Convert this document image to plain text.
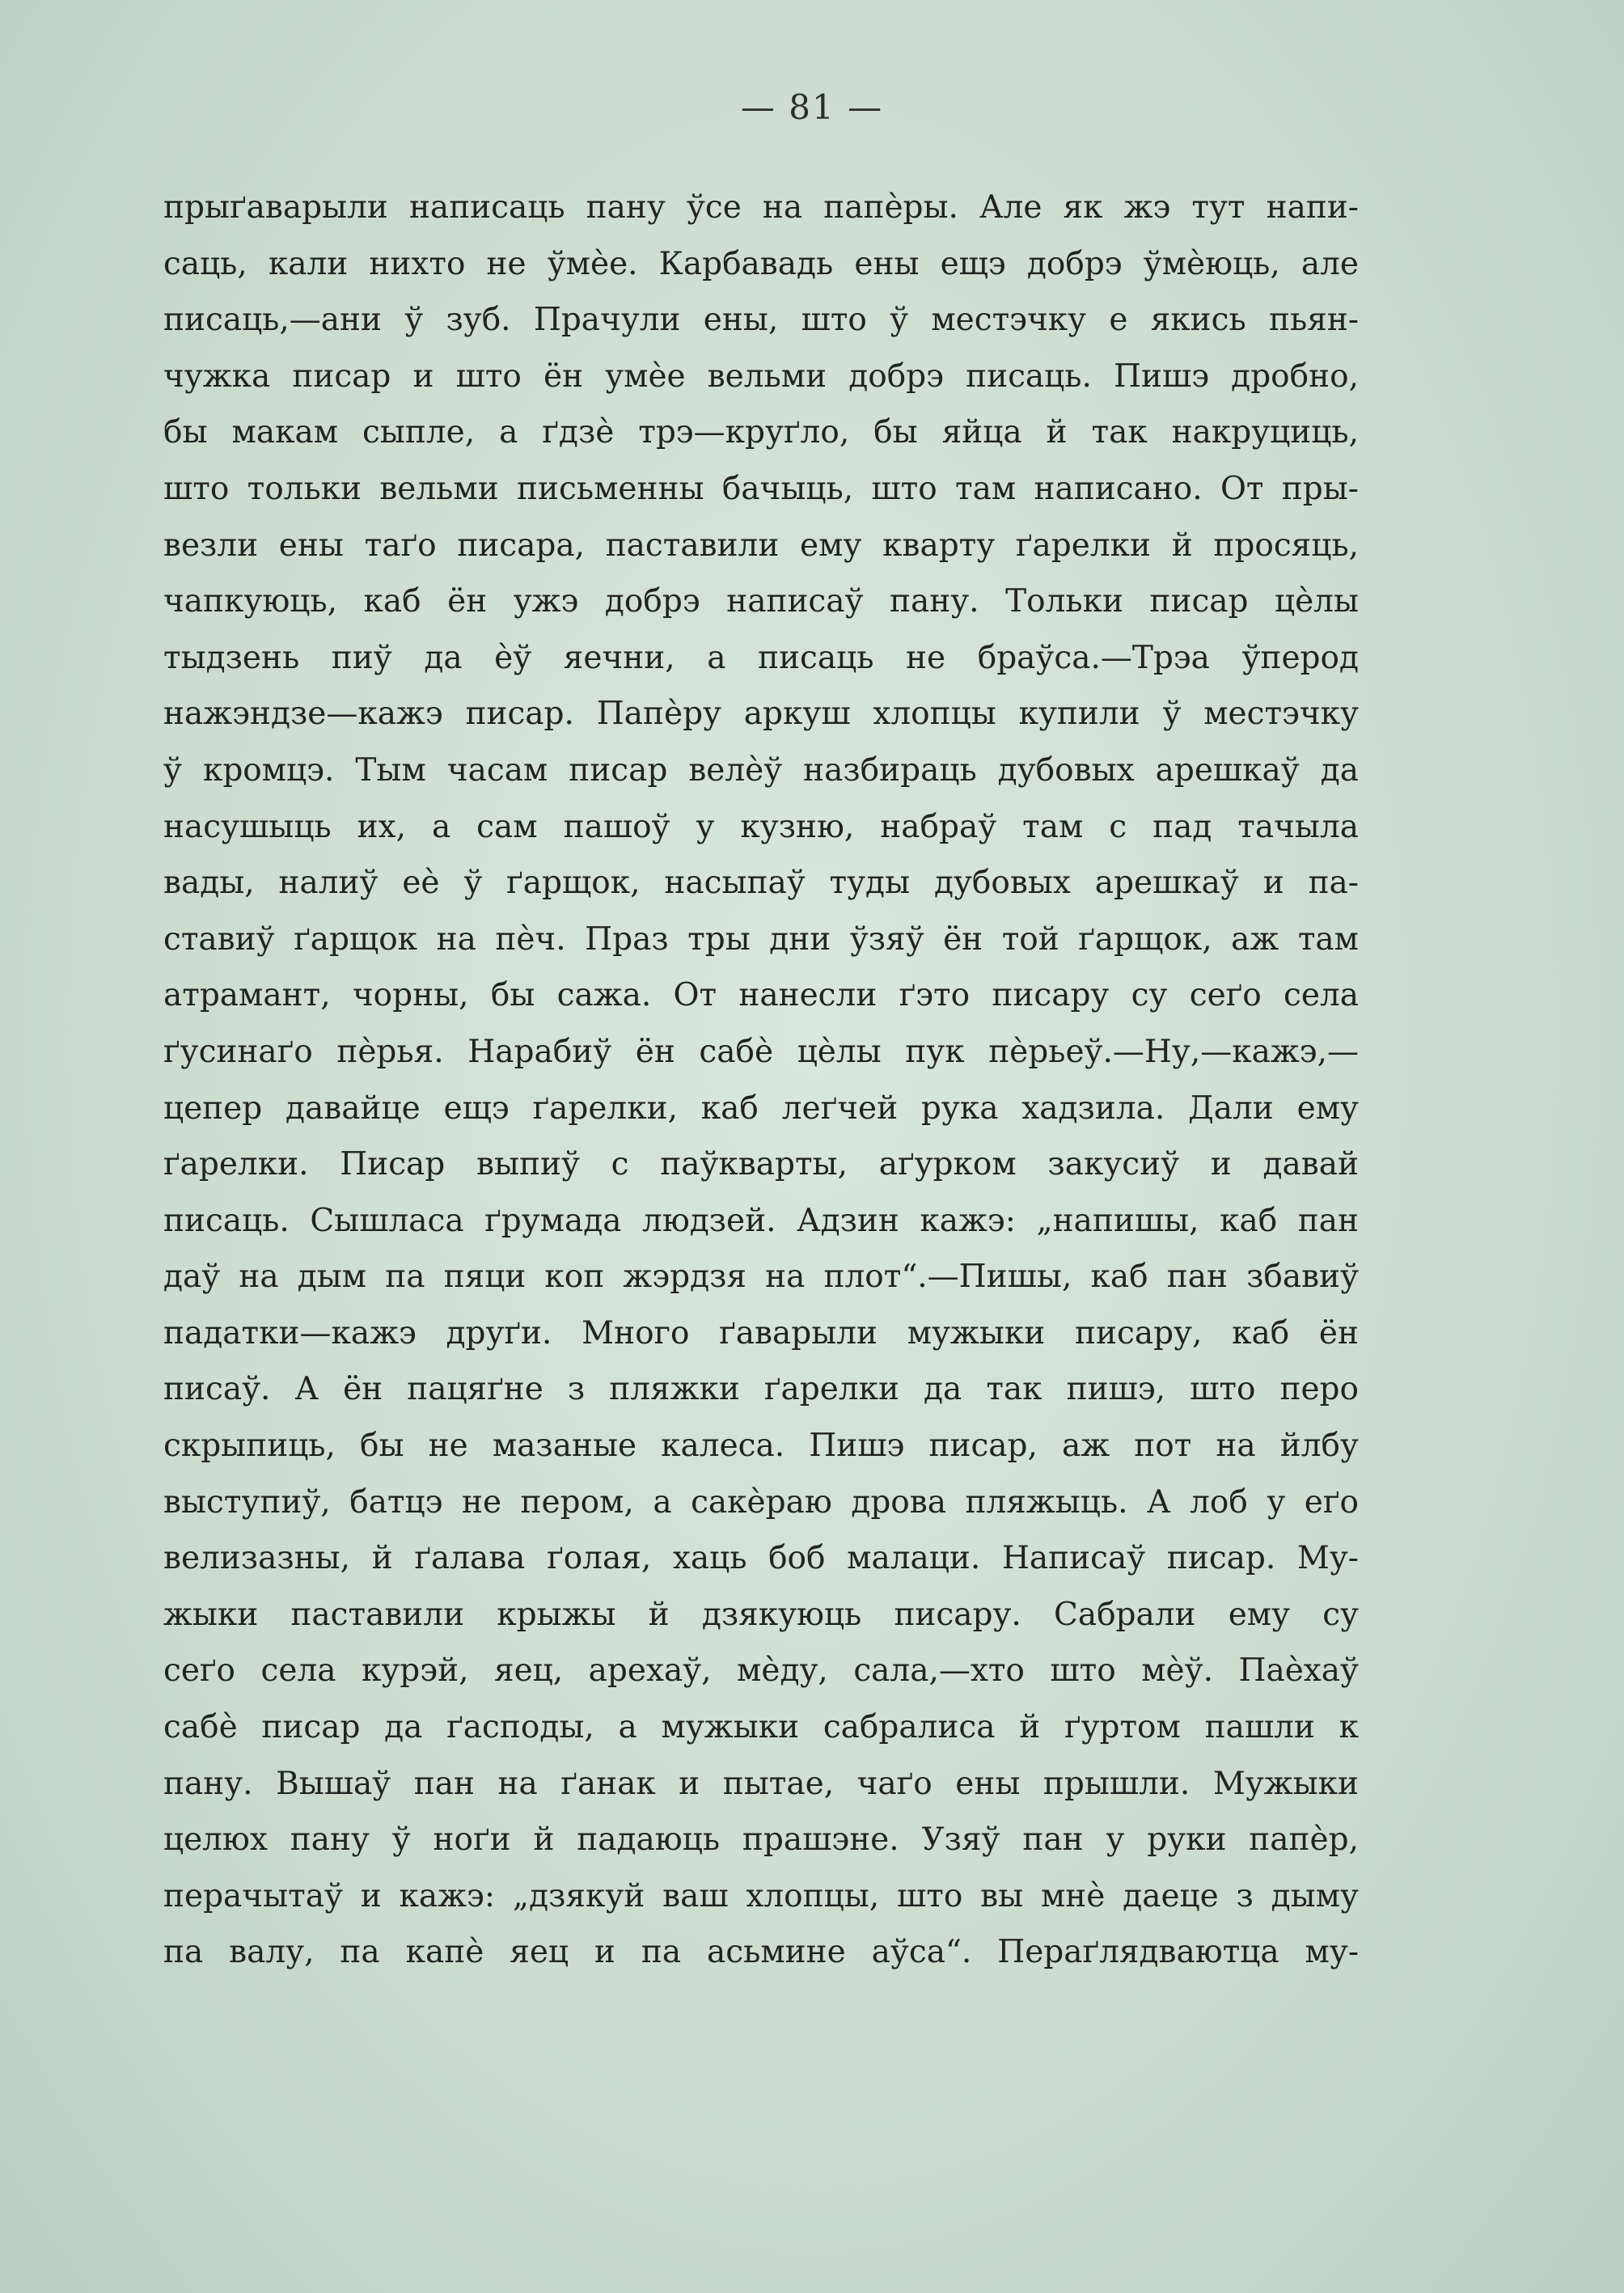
— 81 —
прыґаварыли написаць пану ўсе на папѐры. Але як жэ тут напи-
саць, кали нихто не ўмѐе. Карбавадь ены ещэ добрэ ўмѐюць, але
писаць,—ани ў зуб. Прачули ены, што ў местэчку е якись пьян-
чужка писар и што ён умѐе вельми добрэ писаць. Пишэ дробно,
бы макам сыпле, а ґдзѐ трэ—круґло, бы яйца й так накруциць,
што тольки вельми письменны бачыць, што там написано. От пры-
везли ены таґо писара, паставили ему кварту ґарелки й просяць,
чапкуюць, каб ён ужэ добрэ написаў пану. Тольки писар цѐлы
тыдзень пиў да ѐў яечни, а писаць не браўса.—Трэа ўперод
нажэндзе—кажэ писар. Папѐру аркуш хлопцы купили ў местэчку
ў кромцэ. Тым часам писар велѐў назбираць дубовых арешкаў да
насушыць их, а сам пашоў у кузню, набраў там с пад тачыла
вады, налиў еѐ ў ґарщок, насыпаў туды дубовых арешкаў и па-
ставиў ґарщок на пѐч. Праз тры дни ўзяў ён той ґарщок, аж там
атрамант, чорны, бы сажа. От нанесли ґэто писару су сеґо села
ґусинаґо пѐрья. Нарабиў ён сабѐ цѐлы пук пѐрьеў.—Ну,—кажэ,—
цепер давайце ещэ ґарелки, каб леґчей рука хадзила. Дали ему
ґарелки. Писар выпиў с паўкварты, аґурком закусиў и давай
писаць. Сышласа ґрумада людзей. Адзин кажэ: „напишы, каб пан
даў на дым па пяци коп жэрдзя на плот“.—Пишы, каб пан збавиў
падатки—кажэ друґи. Много ґаварыли мужыки писару, каб ён
писаў. А ён пацяґне з пляжки ґарелки да так пишэ, што перо
скрыпиць, бы не мазаные калеса. Пишэ писар, аж пот на йлбу
выступиў, батцэ не пером, а сакѐраю дрова пляжыць. А лоб у еґо
велизазны, й ґалава ґолая, хаць боб малаци. Написаў писар. Му-
жыки паставили крыжы й дзякуюць писару. Сабрали ему су
сеґо села курэй, яец, арехаў, мѐду, сала,—хто што мѐў. Паѐхаў
сабѐ писар да ґасподы, а мужыки сабралиса й ґуртом пашли к
пану. Вышаў пан на ґанак и пытае, чаґо ены прышли. Мужыки
целюх пану ў ноґи й падаюць прашэне. Узяў пан у руки папѐр,
перачытаў и кажэ: „дзякуй ваш хлопцы, што вы мнѐ даеце з дыму
па валу, па капѐ яец и па асьмине аўса“. Пераґлядваютца му-
